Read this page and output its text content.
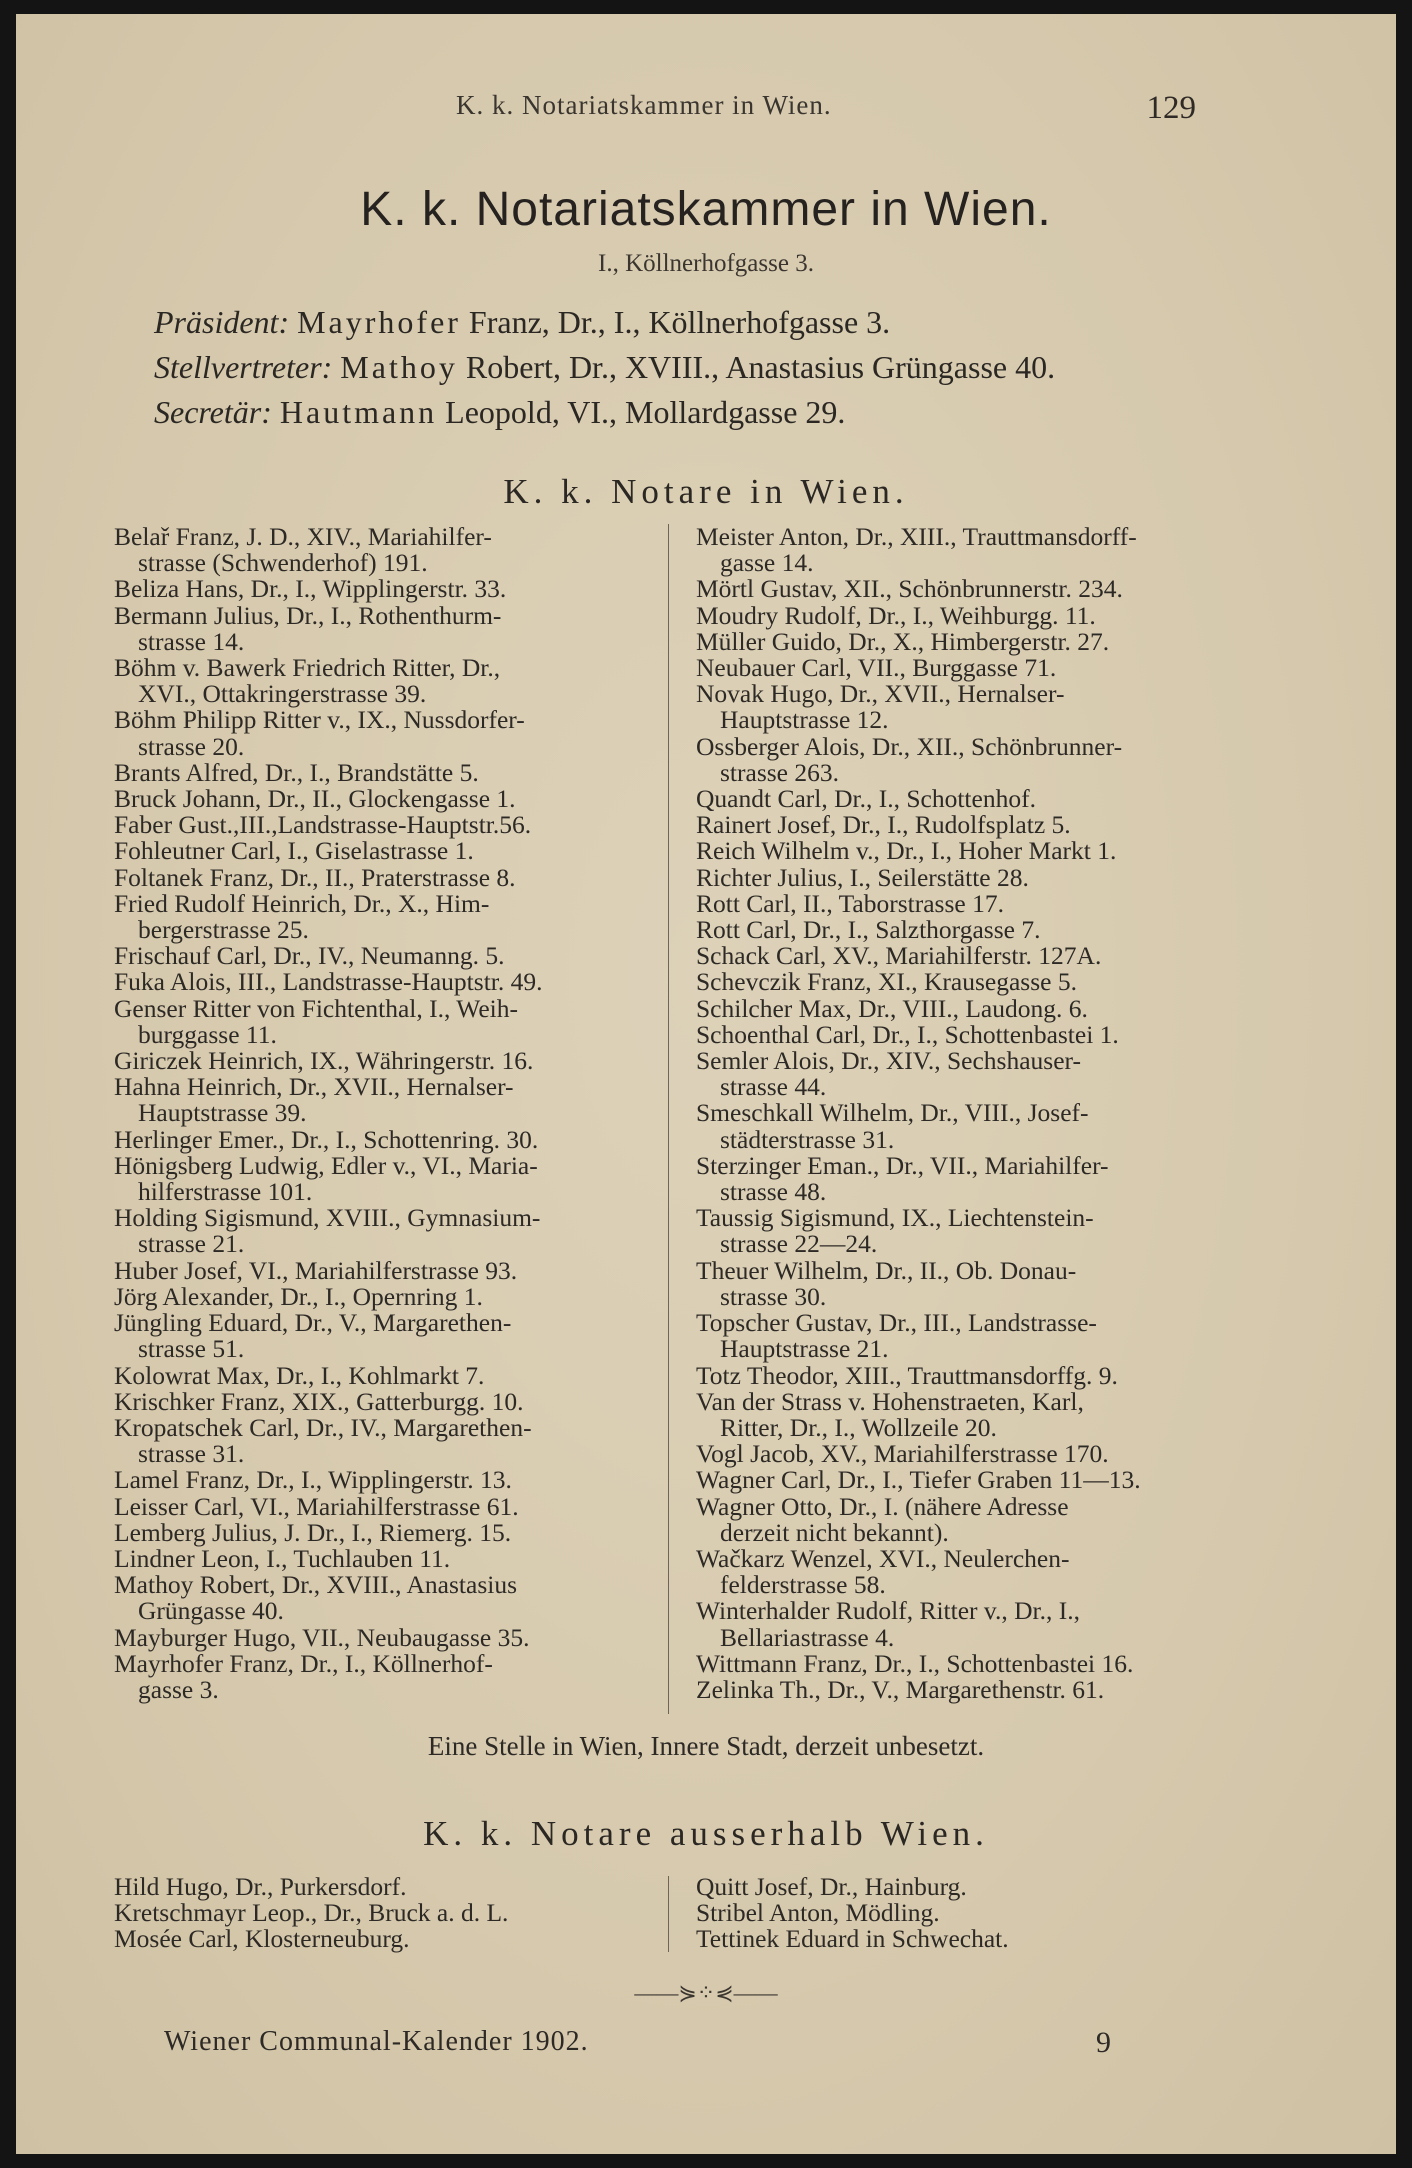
K. k. Notariatskammer in Wien.	129
K. k. Notariatskammer in Wien.
I., Köllnerhofgasse 3.
Präsident: Mayrhofer Franz, Dr., I., Köllnerhofgasse 3.
Stellvertreter: Mathoy Robert, Dr., XVIII., Anastasius Grüngasse 40.
Secretär: Hautmann Leopold, VI., Mollardgasse 29.
K. k. Notare in Wien.
Belař Franz, J. D., XIV., Mariahilfer-

strasse (Schwenderhof) 191.
Beliza Hans, Dr., I., Wipplingerstr. 33.
Bermann Julius, Dr., I., Rothenthurm-

strasse 14.
Böhm v. Bawerk Friedrich Ritter, Dr.,

XVI., Ottakringerstrasse 39.
Böhm Philipp Ritter v., IX., Nussdorfer-

strasse 20.
Brants Alfred, Dr., I., Brandstätte 5.
Bruck Johann, Dr., II., Glockengasse 1.
Faber Gust.,III.,Landstrasse-Hauptstr.56.
Fohleutner Carl, I., Giselastrasse 1.
Foltanek Franz, Dr., II., Praterstrasse 8.
Fried Rudolf Heinrich, Dr., X., Him-

bergerstrasse 25.
Frischauf Carl, Dr., IV., Neumanng. 5.
Fuka Alois, III., Landstrasse-Hauptstr. 49.
Genser Ritter von Fichtenthal, I., Weih-

burggasse 11.
Giriczek Heinrich, IX., Währingerstr. 16.
Hahna Heinrich, Dr., XVII., Hernalser-

Hauptstrasse 39.
Herlinger Emer., Dr., I., Schottenring. 30.
Hönigsberg Ludwig, Edler v., VI., Maria-

hilferstrasse 101.
Holding Sigismund, XVIII., Gymnasium-

strasse 21.
Huber Josef, VI., Mariahilferstrasse 93.
Jörg Alexander, Dr., I., Opernring 1.
Jüngling Eduard, Dr., V., Margarethen-

strasse 51.
Kolowrat Max, Dr., I., Kohlmarkt 7.
Krischker Franz, XIX., Gatterburgg. 10.
Kropatschek Carl, Dr., IV., Margarethen-

strasse 31.
Lamel Franz, Dr., I., Wipplingerstr. 13.
Leisser Carl, VI., Mariahilferstrasse 61.
Lemberg Julius, J. Dr., I., Riemerg. 15.
Lindner Leon, I., Tuchlauben 11.
Mathoy Robert, Dr., XVIII., Anastasius

Grüngasse 40.
Mayburger Hugo, VII., Neubaugasse 35.
Mayrhofer Franz, Dr., I., Köllnerhof-

gasse 3.
Meister Anton, Dr., XIII., Trauttmansdorff-

gasse 14.
Mörtl Gustav, XII., Schönbrunnerstr. 234.
Moudry Rudolf, Dr., I., Weihburgg. 11.
Müller Guido, Dr., X., Himbergerstr. 27.
Neubauer Carl, VII., Burggasse 71.
Novak Hugo, Dr., XVII., Hernalser-

Hauptstrasse 12.
Ossberger Alois, Dr., XII., Schönbrunner-

strasse 263.
Quandt Carl, Dr., I., Schottenhof.
Rainert Josef, Dr., I., Rudolfsplatz 5.
Reich Wilhelm v., Dr., I., Hoher Markt 1.
Richter Julius, I., Seilerstätte 28.
Rott Carl, II., Taborstrasse 17.
Rott Carl, Dr., I., Salzthorgasse 7.
Schack Carl, XV., Mariahilferstr. 127A.
Schevczik Franz, XI., Krausegasse 5.
Schilcher Max, Dr., VIII., Laudong. 6.
Schoenthal Carl, Dr., I., Schottenbastei 1.
Semler Alois, Dr., XIV., Sechshauser-

strasse 44.
Smeschkall Wilhelm, Dr., VIII., Josef-

städterstrasse 31.
Sterzinger Eman., Dr., VII., Mariahilfer-

strasse 48.
Taussig Sigismund, IX., Liechtenstein-

strasse 22—24.
Theuer Wilhelm, Dr., II., Ob. Donau-

strasse 30.
Topscher Gustav, Dr., III., Landstrasse-

Hauptstrasse 21.
Totz Theodor, XIII., Trauttmansdorffg. 9.
Van der Strass v. Hohenstraeten, Karl,

Ritter, Dr., I., Wollzeile 20.
Vogl Jacob, XV., Mariahilferstrasse 170.
Wagner Carl, Dr., I., Tiefer Graben 11—13.
Wagner Otto, Dr., I. (nähere Adresse

derzeit nicht bekannt).
Wačkarz Wenzel, XVI., Neulerchen-

felderstrasse 58.
Winterhalder Rudolf, Ritter v., Dr., I.,

Bellariastrasse 4.
Wittmann Franz, Dr., I., Schottenbastei 16.
Zelinka Th., Dr., V., Margarethenstr. 61.
Eine Stelle in Wien, Innere Stadt, derzeit unbesetzt.
K. k. Notare ausserhalb Wien.
Hild Hugo, Dr., Purkersdorf.
Kretschmayr Leop., Dr., Bruck a. d. L.
Mosée Carl, Klosterneuburg.
Quitt Josef, Dr., Hainburg.
Stribel Anton, Mödling.
Tettinek Eduard in Schwechat.
——⋟⁘⋞——
Wiener Communal-Kalender 1902.	9
